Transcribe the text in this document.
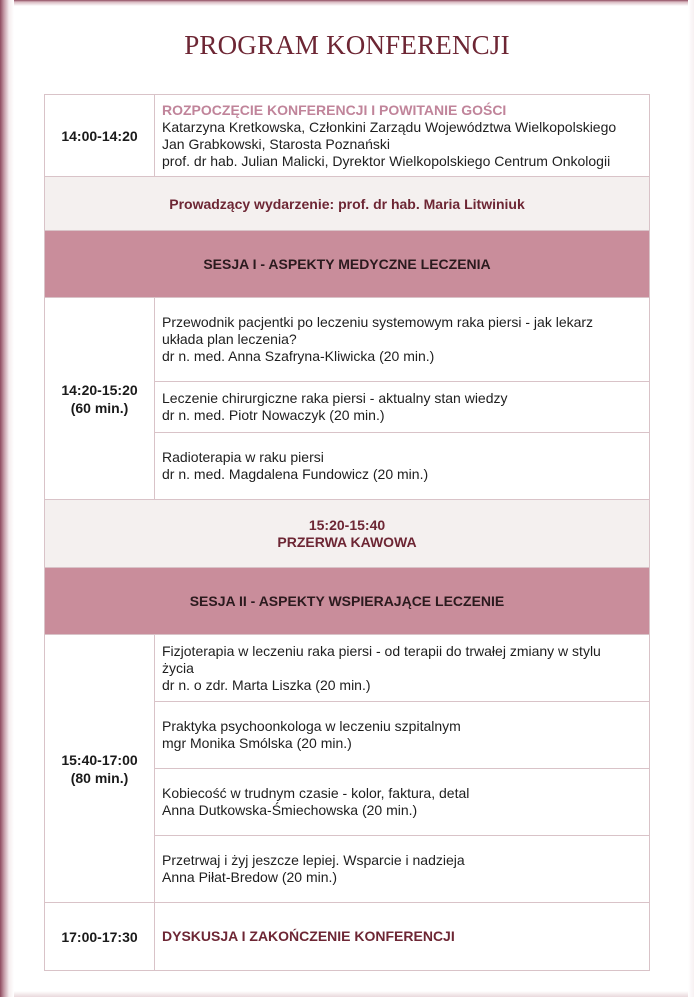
PROGRAM KONFERENCJI
14:00-14:20	ROZPOCZĘCIE KONFERENCJI I POWITANIE GOŚCI
Katarzyna Kretkowska, Członkini Zarządu Województwa Wielkopolskiego
Jan Grabkowski, Starosta Poznański
prof. dr hab. Julian Malicki, Dyrektor Wielkopolskiego Centrum Onkologii

Prowadzący wydarzenie: prof. dr hab. Maria Litwiniuk	
SESJA I - ASPEKTY MEDYCZNE LECZENIA	

14:20-15:20
(60 min.)	Przewodnik pacjentki po leczeniu systemowym raka piersi - jak lekarz
układa plan leczenia?
dr n. med. Anna Szafryna-Kliwicka (20 min.)

	Leczenie chirurgiczne raka piersi - aktualny stan wiedzy
dr n. med. Piotr Nowaczyk (20 min.)

	Radioterapia w raku piersi
dr n. med. Magdalena Fundowicz (20 min.)

15:20-15:40
PRZERWA KAWOWA	

SESJA II - ASPEKTY WSPIERAJĄCE LECZENIE	

15:40-17:00
(80 min.)	Fizjoterapia w leczeniu raka piersi - od terapii do trwałej zmiany w stylu
życia
dr n. o zdr. Marta Liszka (20 min.)

	Praktyka psychoonkologa w leczeniu szpitalnym
mgr Monika Smólska (20 min.)

	Kobiecość w trudnym czasie - kolor, faktura, detal
Anna Dutkowska-Śmiechowska (20 min.)

	Przetrwaj i żyj jeszcze lepiej. Wsparcie i nadzieja
Anna Piłat-Bredow (20 min.)

17:00-17:30	DYSKUSJA I ZAKOŃCZENIE KONFERENCJI
